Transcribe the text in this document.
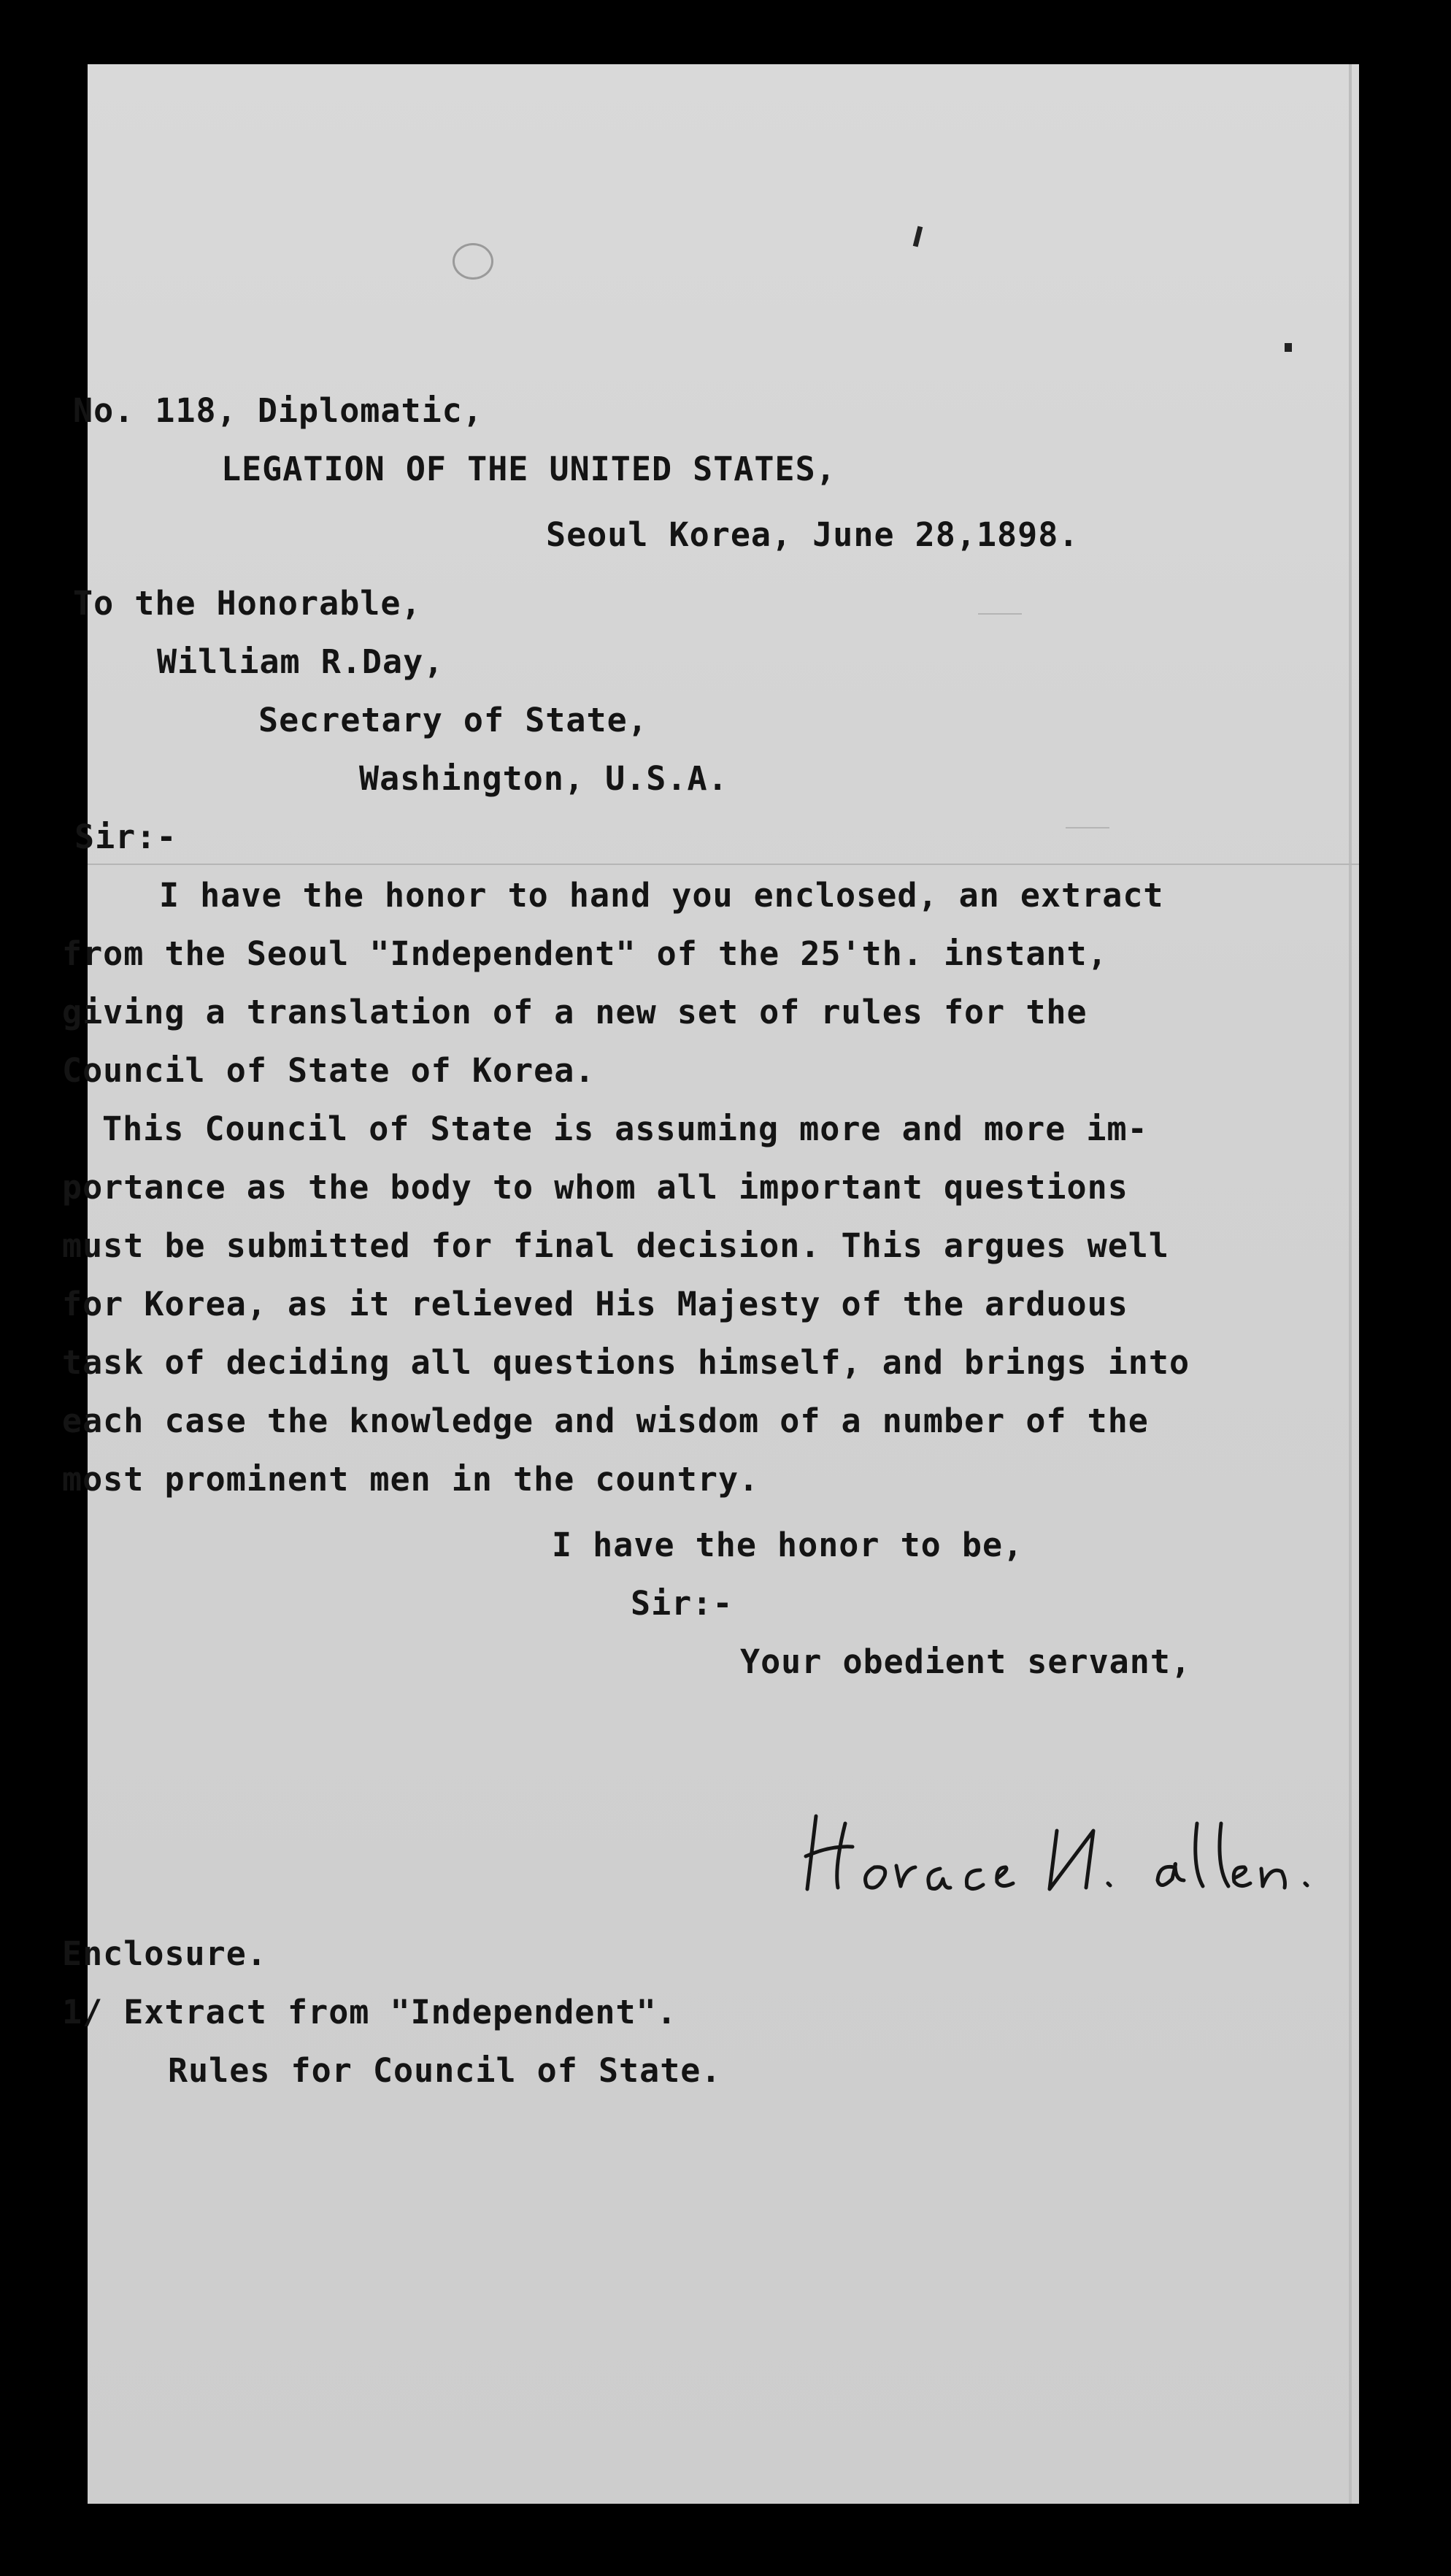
No. 118, Diplomatic,
LEGATION OF THE UNITED STATES,
Seoul Korea, June 28,1898.
To the Honorable,
William R.Day,
Secretary of State,
Washington, U.S.A.
Sir:-
I have the honor to hand you enclosed, an extract
from the Seoul "Independent" of the 25'th. instant,
giving a translation of a new set of rules for the
Council of State of Korea.
This Council of State is assuming more and more im-
portance as the body to whom all important questions
must be submitted for final decision. This argues well
for Korea, as it relieved His Majesty of the arduous
task of deciding all questions himself, and brings into
each case the knowledge and wisdom of a number of the
most prominent men in the country.
I have the honor to be,
Sir:-
Your obedient servant,
Enclosure.
1/ Extract from "Independent".
Rules for Council of State.
